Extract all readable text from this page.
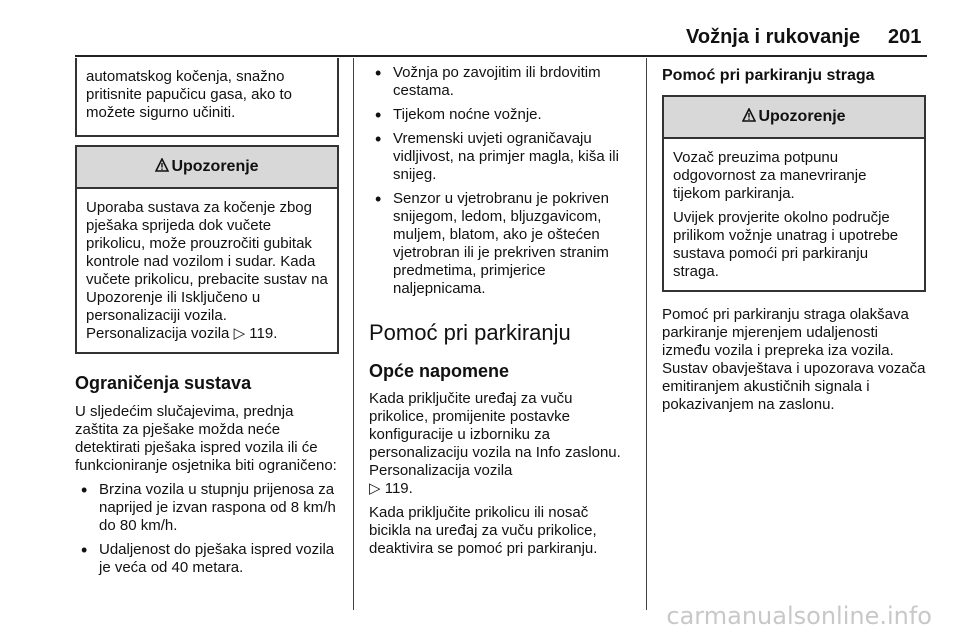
Vožnja i rukovanje 201

automatskog kočenja, snažno pritisnite papučicu gasa, ako to možete sigurno učiniti.

Upozorenje

Uporaba sustava za kočenje zbog pješaka sprijeda dok vučete prikolicu, može prouzročiti gubitak kontrole nad vozilom i sudar. Kada vučete prikolicu, prebacite sustav na Upozorenje ili Isključeno u personalizaciji vozila.

Personalizacija vozila ▷ 119.

Ograničenja sustava

U sljedećim slučajevima, prednja zaštita za pješake možda neće detektirati pješaka ispred vozila ili će funkcioniranje osjetnika biti ograničeno:

• Brzina vozila u stupnju prijenosa za naprijed je izvan raspona od 8 km/h do 80 km/h.
• Udaljenost do pješaka ispred vozila je veća od 40 metara.
• Vožnja po zavojitim ili brdovitim cestama.
• Tijekom noćne vožnje.
• Vremenski uvjeti ograničavaju vidljivost, na primjer magla, kiša ili snijeg.
• Senzor u vjetrobranu je pokriven snijegom, ledom, bljuzgavicom, muljem, blatom, ako je oštećen vjetrobran ili je prekriven stranim predmetima, primjerice naljepnicama.
Pomoć pri parkiranju
Opće napomene

Kada priključite uređaj za vuču prikolice, promijenite postavke konfiguracije u izborniku za personalizaciju vozila na Info zaslonu. Personalizacija vozila
▷ 119.

Kada priključite prikolicu ili nosač bicikla na uređaj za vuču prikolice, deaktivira se pomoć pri parkiranju.

Pomoć pri parkiranju straga
Upozorenje

Vozač preuzima potpunu odgovornost za manevriranje tijekom parkiranja.

Uvijek provjerite okolno područje prilikom vožnje unatrag i upotrebe sustava pomoći pri parkiranju straga.

Pomoć pri parkiranju straga olakšava parkiranje mjerenjem udaljenosti između vozila i prepreka iza vozila. Sustav obavještava i upozorava vozača emitiranjem akustičnih signala i pokazivanjem na zaslonu.

carmanualsonline.info
